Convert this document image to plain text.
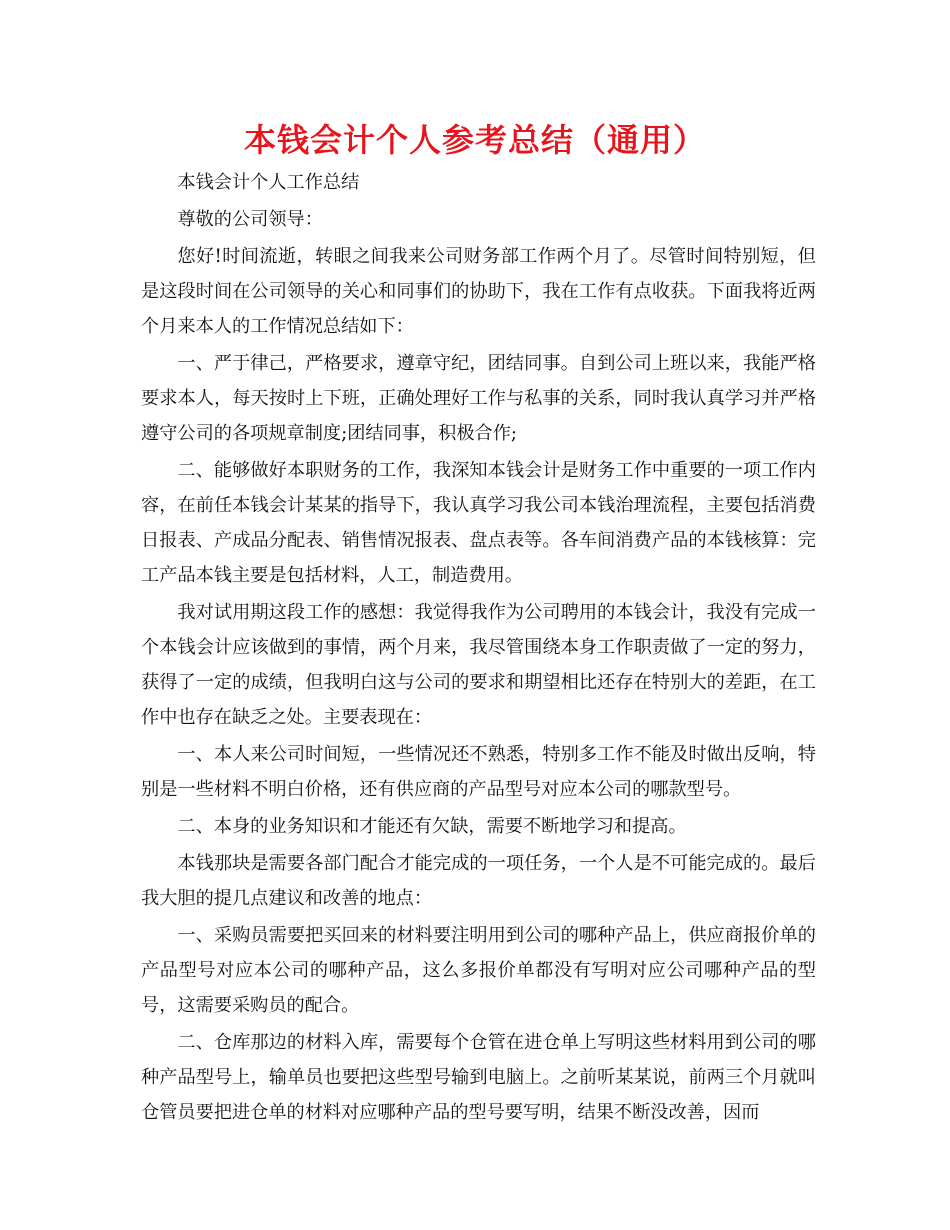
本钱会计个人参考总结（通用）

本钱会计个人工作总结

尊敬的公司领导：

您好!时间流逝，转眼之间我来公司财务部工作两个月了。尽管时间特别短，但是这段时间在公司领导的关心和同事们的协助下，我在工作有点收获。下面我将近两个月来本人的工作情况总结如下：

一、严于律己，严格要求，遵章守纪，团结同事。自到公司上班以来，我能严格要求本人，每天按时上下班，正确处理好工作与私事的关系，同时我认真学习并严格遵守公司的各项规章制度;团结同事，积极合作;

二、能够做好本职财务的工作，我深知本钱会计是财务工作中重要的一项工作内容，在前任本钱会计某某的指导下，我认真学习我公司本钱治理流程，主要包括消费日报表、产成品分配表、销售情况报表、盘点表等。各车间消费产品的本钱核算：完工产品本钱主要是包括材料，人工，制造费用。

我对试用期这段工作的感想：我觉得我作为公司聘用的本钱会计，我没有完成一个本钱会计应该做到的事情，两个月来，我尽管围绕本身工作职责做了一定的努力，获得了一定的成绩，但我明白这与公司的要求和期望相比还存在特别大的差距，在工作中也存在缺乏之处。主要表现在：

一、本人来公司时间短，一些情况还不熟悉，特别多工作不能及时做出反响，特别是一些材料不明白价格，还有供应商的产品型号对应本公司的哪款型号。

二、本身的业务知识和才能还有欠缺，需要不断地学习和提高。

本钱那块是需要各部门配合才能完成的一项任务，一个人是不可能完成的。最后我大胆的提几点建议和改善的地点：

一、采购员需要把买回来的材料要注明用到公司的哪种产品上，供应商报价单的产品型号对应本公司的哪种产品，这么多报价单都没有写明对应公司哪种产品的型号，这需要采购员的配合。

二、仓库那边的材料入库，需要每个仓管在进仓单上写明这些材料用到公司的哪种产品型号上，输单员也要把这些型号输到电脑上。之前听某某说，前两三个月就叫仓管员要把进仓单的材料对应哪种产品的型号要写明，结果不断没改善，因而
